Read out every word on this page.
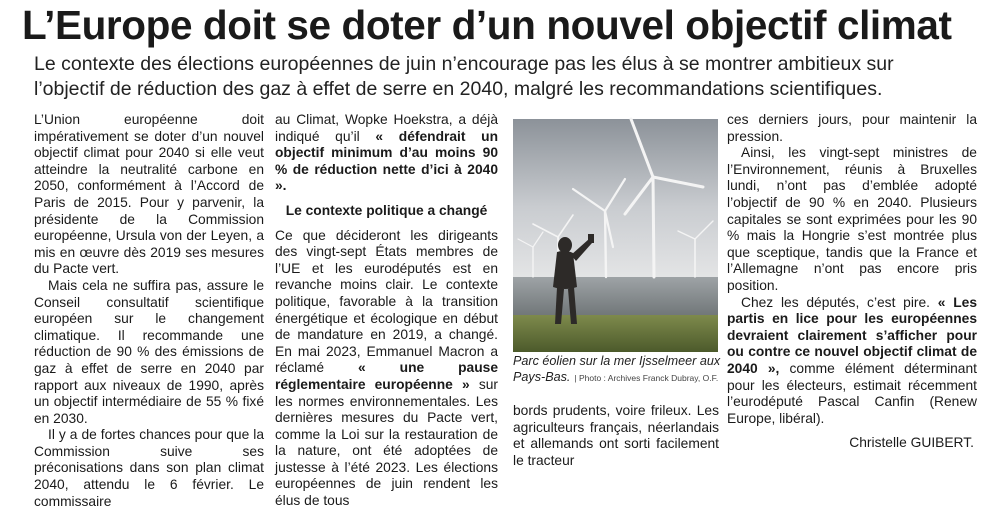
L’Europe doit se doter d’un nouvel objectif climat

Le contexte des élections européennes de juin n’encourage pas les élus à se montrer ambitieux sur l’objectif de réduction des gaz à effet de serre en 2040, malgré les recommandations scientifiques.

L’Union européenne doit impérativement se doter d’un nouvel objectif climat pour 2040 si elle veut atteindre la neutralité carbone en 2050, conformément à l’Accord de Paris de 2015. Pour y parvenir, la présidente de la Commission européenne, Ursula von der Leyen, a mis en œuvre dès 2019 ses mesures du Pacte vert.

Mais cela ne suffira pas, assure le Conseil consultatif scientifique européen sur le changement climatique. Il recommande une réduction de 90 % des émissions de gaz à effet de serre en 2040 par rapport aux niveaux de 1990, après un objectif intermédiaire de 55 % fixé en 2030.

Il y a de fortes chances pour que la Commission suive ses préconisations dans son plan climat 2040, attendu le 6 février. Le commissaire

au Climat, Wopke Hoekstra, a déjà indiqué qu’il « défendrait un objectif minimum d’au moins 90 % de réduction nette d’ici à 2040 ».

Le contexte politique a changé

Ce que décideront les dirigeants des vingt-sept États membres de l’UE et les eurodéputés est en revanche moins clair. Le contexte politique, favorable à la transition énergétique et écologique en début de mandature en 2019, a changé. En mai 2023, Emmanuel Macron a réclamé « une pause réglementaire européenne » sur les normes environnementales. Les dernières mesures du Pacte vert, comme la Loi sur la restauration de la nature, ont été adoptées de justesse à l’été 2023. Les élections européennes de juin rendent les élus de tous

Parc éolien sur la mer Ijsselmeer aux Pays-Bas. | Photo : Archives Franck Dubray, O.F.

bords prudents, voire frileux. Les agriculteurs français, néerlandais et allemands ont sorti facilement le tracteur

ces derniers jours, pour maintenir la pression.

Ainsi, les vingt-sept ministres de l’Environnement, réunis à Bruxelles lundi, n’ont pas d’emblée adopté l’objectif de 90 % en 2040. Plusieurs capitales se sont exprimées pour les 90 % mais la Hongrie s’est montrée plus que sceptique, tandis que la France et l’Allemagne n’ont pas encore pris position.

Chez les députés, c’est pire. « Les partis en lice pour les européennes devraient clairement s’afficher pour ou contre ce nouvel objectif climat de 2040 », comme élément déterminant pour les électeurs, estimait récemment l’eurodéputé Pascal Canfin (Renew Europe, libéral).

Christelle GUIBERT.
